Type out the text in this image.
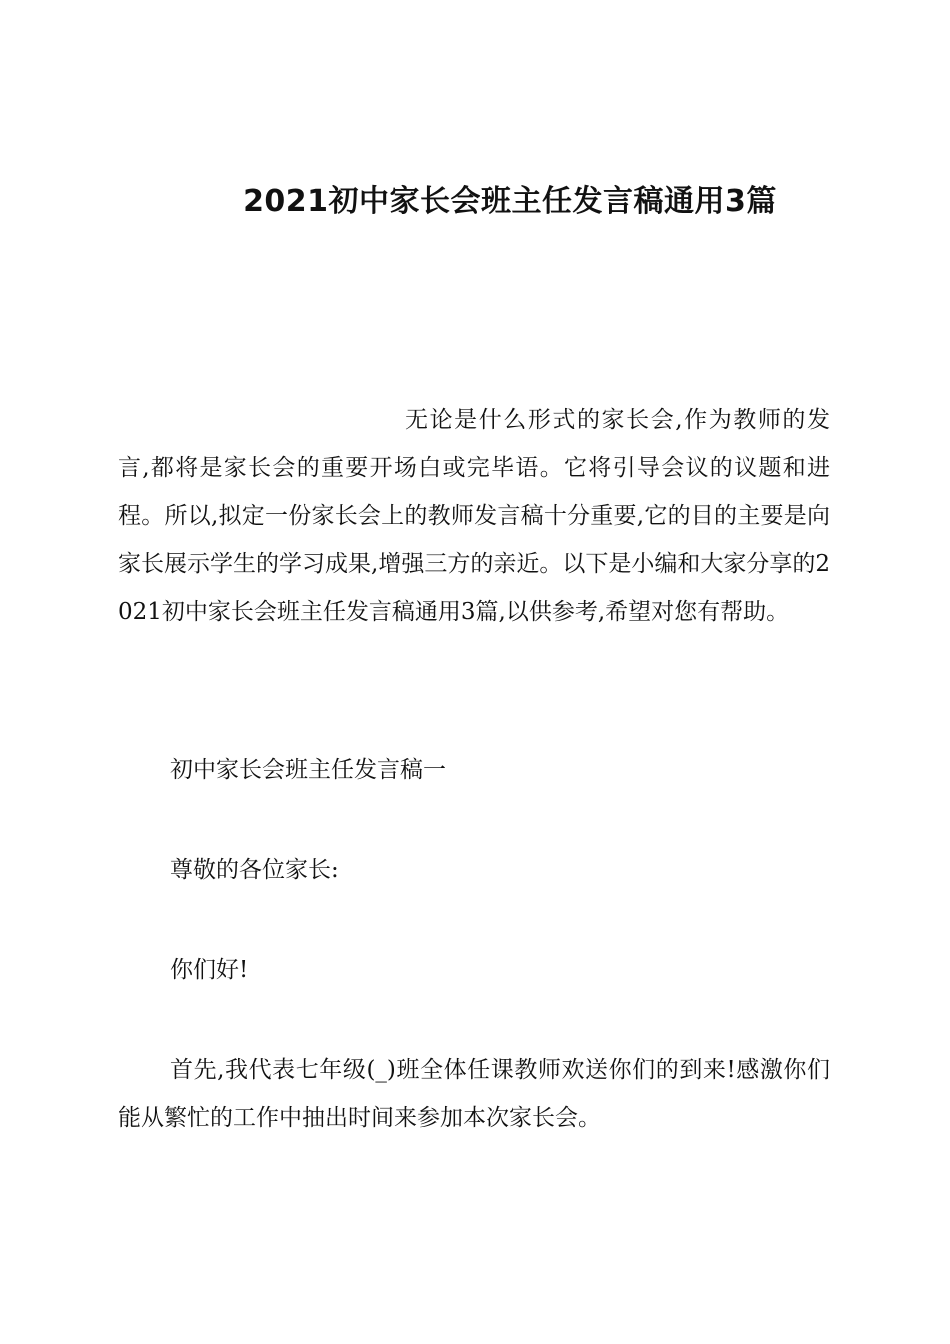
2021初中家长会班主任发言稿通用3篇

无论是什么形式的家长会,作为教师的发言,都将是家长会的重要开场白或完毕语。它将引导会议的议题和进程。所以,拟定一份家长会上的教师发言稿十分重要,它的目的主要是向家长展示学生的学习成果,增强三方的亲近。以下是小编和大家分享的2021初中家长会班主任发言稿通用3篇,以供参考,希望对您有帮助。

初中家长会班主任发言稿一

尊敬的各位家长:

你们好!

首先,我代表七年级(_)班全体任课教师欢送你们的到来!感激你们能从繁忙的工作中抽出时间来参加本次家长会。
